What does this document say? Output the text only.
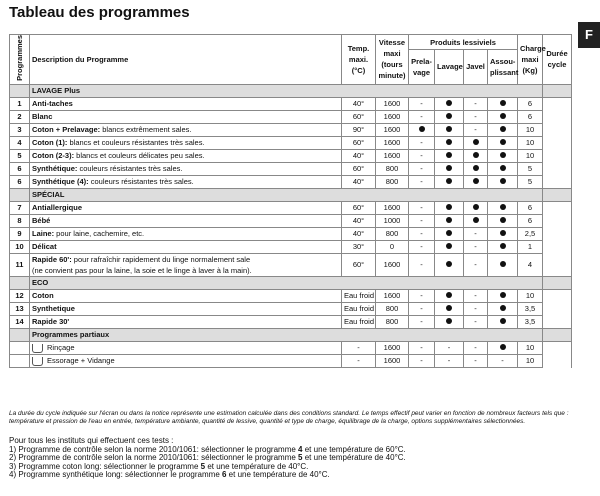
Tableau des programmes
F
Programmes	Description du Programme	Temp. maxi. (°C)	Vitesse maxi (tours minute)	Produits lessiviels				Charge maxi (Kg)	Durée cycle	
				Prela- vage	Lavage	Javel	Assou- plissant			
	LAVAGE Plus		

1	Anti-taches	40°	1600	-		-		6		
2	Blanc	60°	1600	-		-		6		
3	Coton + Prelavage: blancs extrêmement sales.	90°	1600			-		10		
4	Coton (1): blancs et couleurs résistantes très sales.	60°	1600	-				10		
5	Coton (2-3): blancs et couleurs délicates peu sales.	40°	1600	-				10		
6	Synthétique: couleurs résistantes très sales.	60°	800	-				5		
6	Synthétique (4): couleurs résistantes très sales.	40°	800	-				5		
	SPÉCIAL									
7	Antiallergique	60°	1600	-				6		
8	Bébé	40°	1000	-				6		
9	Laine: pour laine, cachemire, etc.	40°	800	-		-		2,5		
10	Délicat	30°	0	-		-		1		
11	Rapide 60': pour rafraîchir rapidement du linge normalement sale
(ne convient pas pour la laine, la soie et le linge à laver à la main).	60°	1600	-		-		4		
	ECO									
12	Coton	Eau froid	1600	-		-		10		
13	Synthetique	Eau froid	800	-		-		3,5		
14	Rapide 30'	Eau froid	800	-		-		3,5		
	Programmes partiaux									
	Rinçage	-	1600	-	-	-		10		
	Essorage + Vidange	-	1600	-	-	-	-	10		
La durée du cycle indiquée sur l'écran ou dans la notice représente une estimation calculée dans des conditions standard. Le temps effectif peut varier en fonction de nombreux facteurs tels que : température et pression de l'eau en entrée, température ambiante, quantité de lessive, quantité et type de charge, équilibrage de la charge, options supplémentaires sélectionnées.
Pour tous les instituts qui effectuent ces tests :
1) Programme de contrôle selon la norme 2010/1061: sélectionner le programme 4 et une température de 60°C.
2) Programme de contrôle selon la norme 2010/1061: sélectionner le programme 5 et une température de 40°C.
3) Programme coton long: sélectionner le programme 5 et une température de 40°C.
4) Programme synthétique long: sélectionner le programme 6 et une température de 40°C.
